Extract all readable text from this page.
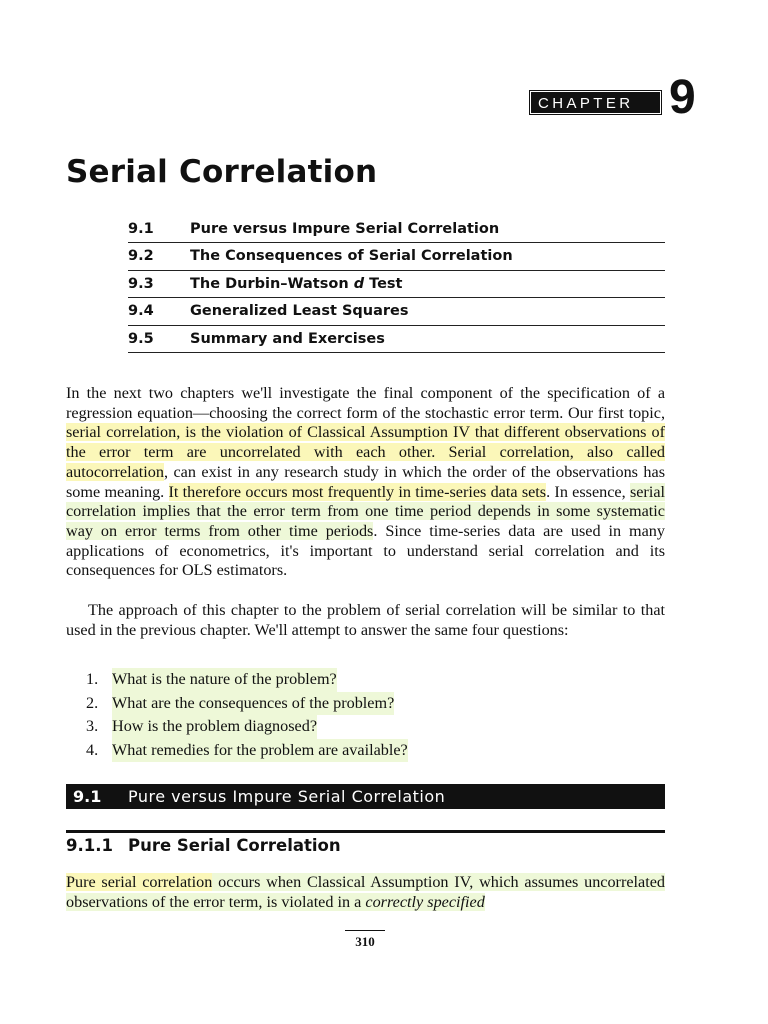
CHAPTER 9
Serial Correlation
9.1	Pure versus Impure Serial Correlation
9.2	The Consequences of Serial Correlation
9.3	The Durbin–Watson d Test
9.4	Generalized Least Squares
9.5	Summary and Exercises

In the next two chapters we'll investigate the final component of the specification of a regression equation—choosing the correct form of the stochastic error term. Our first topic, serial correlation, is the violation of Classical Assumption IV that different observations of the error term are uncorrelated with each other. Serial correlation, also called autocorrelation, can exist in any research study in which the order of the observations has some meaning. It therefore occurs most frequently in time-series data sets. In essence, serial correlation implies that the error term from one time period depends in some systematic way on error terms from other time periods. Since time-series data are used in many applications of econometrics, it's important to understand serial correlation and its consequences for OLS estimators.

The approach of this chapter to the problem of serial correlation will be similar to that used in the previous chapter. We'll attempt to answer the same four questions:

1. What is the nature of the problem?
2. What are the consequences of the problem?
3. How is the problem diagnosed?
4. What remedies for the problem are available?
9.1 Pure versus Impure Serial Correlation
9.1.1 Pure Serial Correlation

Pure serial correlation occurs when Classical Assumption IV, which assumes uncorrelated observations of the error term, is violated in a correctly specified

310
